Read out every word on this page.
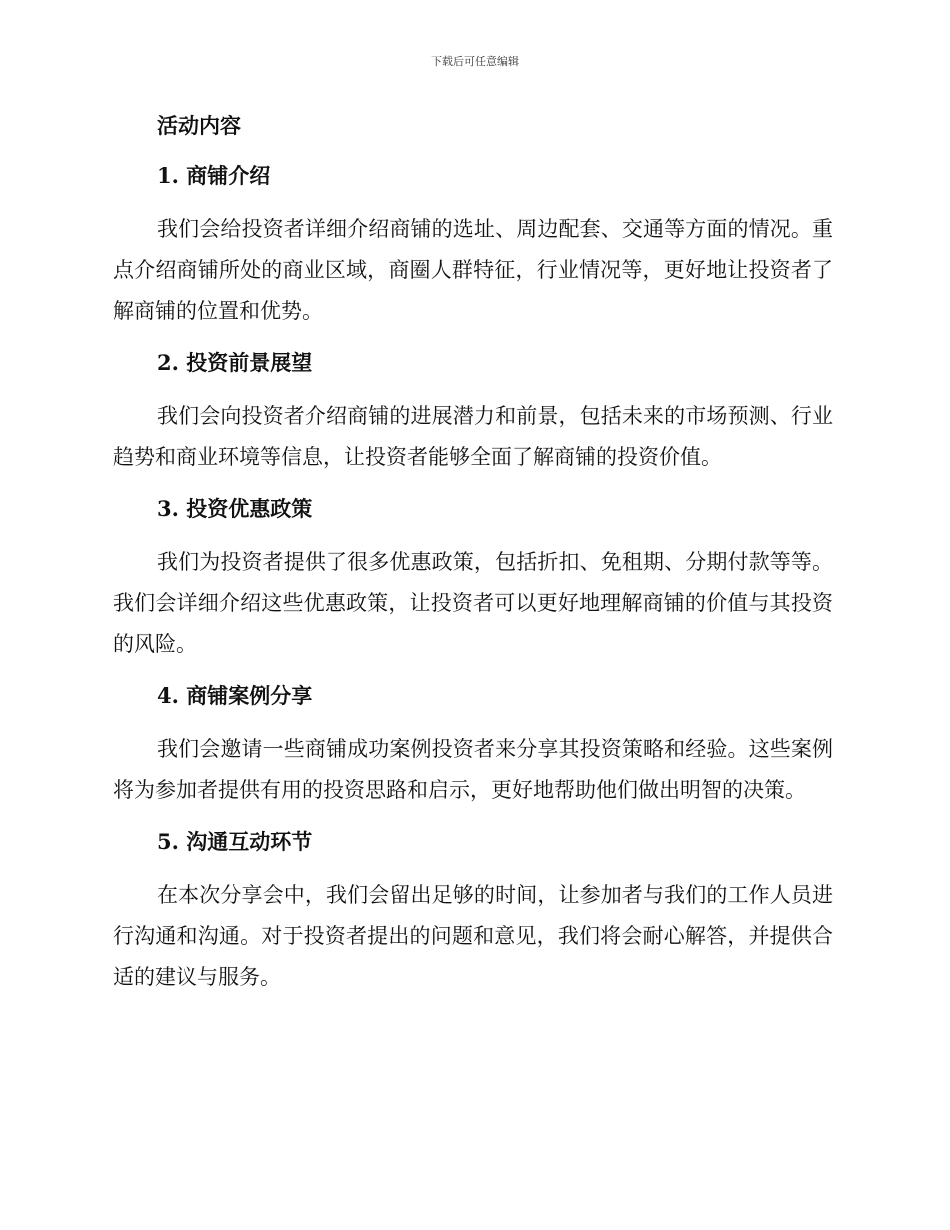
下载后可任意编辑
活动内容
1. 商铺介绍

我们会给投资者详细介绍商铺的选址、周边配套、交通等方面的情况。重点介绍商铺所处的商业区域，商圈人群特征，行业情况等，更好地让投资者了解商铺的位置和优势。

2. 投资前景展望

我们会向投资者介绍商铺的进展潜力和前景，包括未来的市场预测、行业趋势和商业环境等信息，让投资者能够全面了解商铺的投资价值。

3. 投资优惠政策

我们为投资者提供了很多优惠政策，包括折扣、免租期、分期付款等等。我们会详细介绍这些优惠政策，让投资者可以更好地理解商铺的价值与其投资的风险。

4. 商铺案例分享

我们会邀请一些商铺成功案例投资者来分享其投资策略和经验。这些案例将为参加者提供有用的投资思路和启示，更好地帮助他们做出明智的决策。

5. 沟通互动环节

在本次分享会中，我们会留出足够的时间，让参加者与我们的工作人员进行沟通和沟通。对于投资者提出的问题和意见，我们将会耐心解答，并提供合适的建议与服务。
